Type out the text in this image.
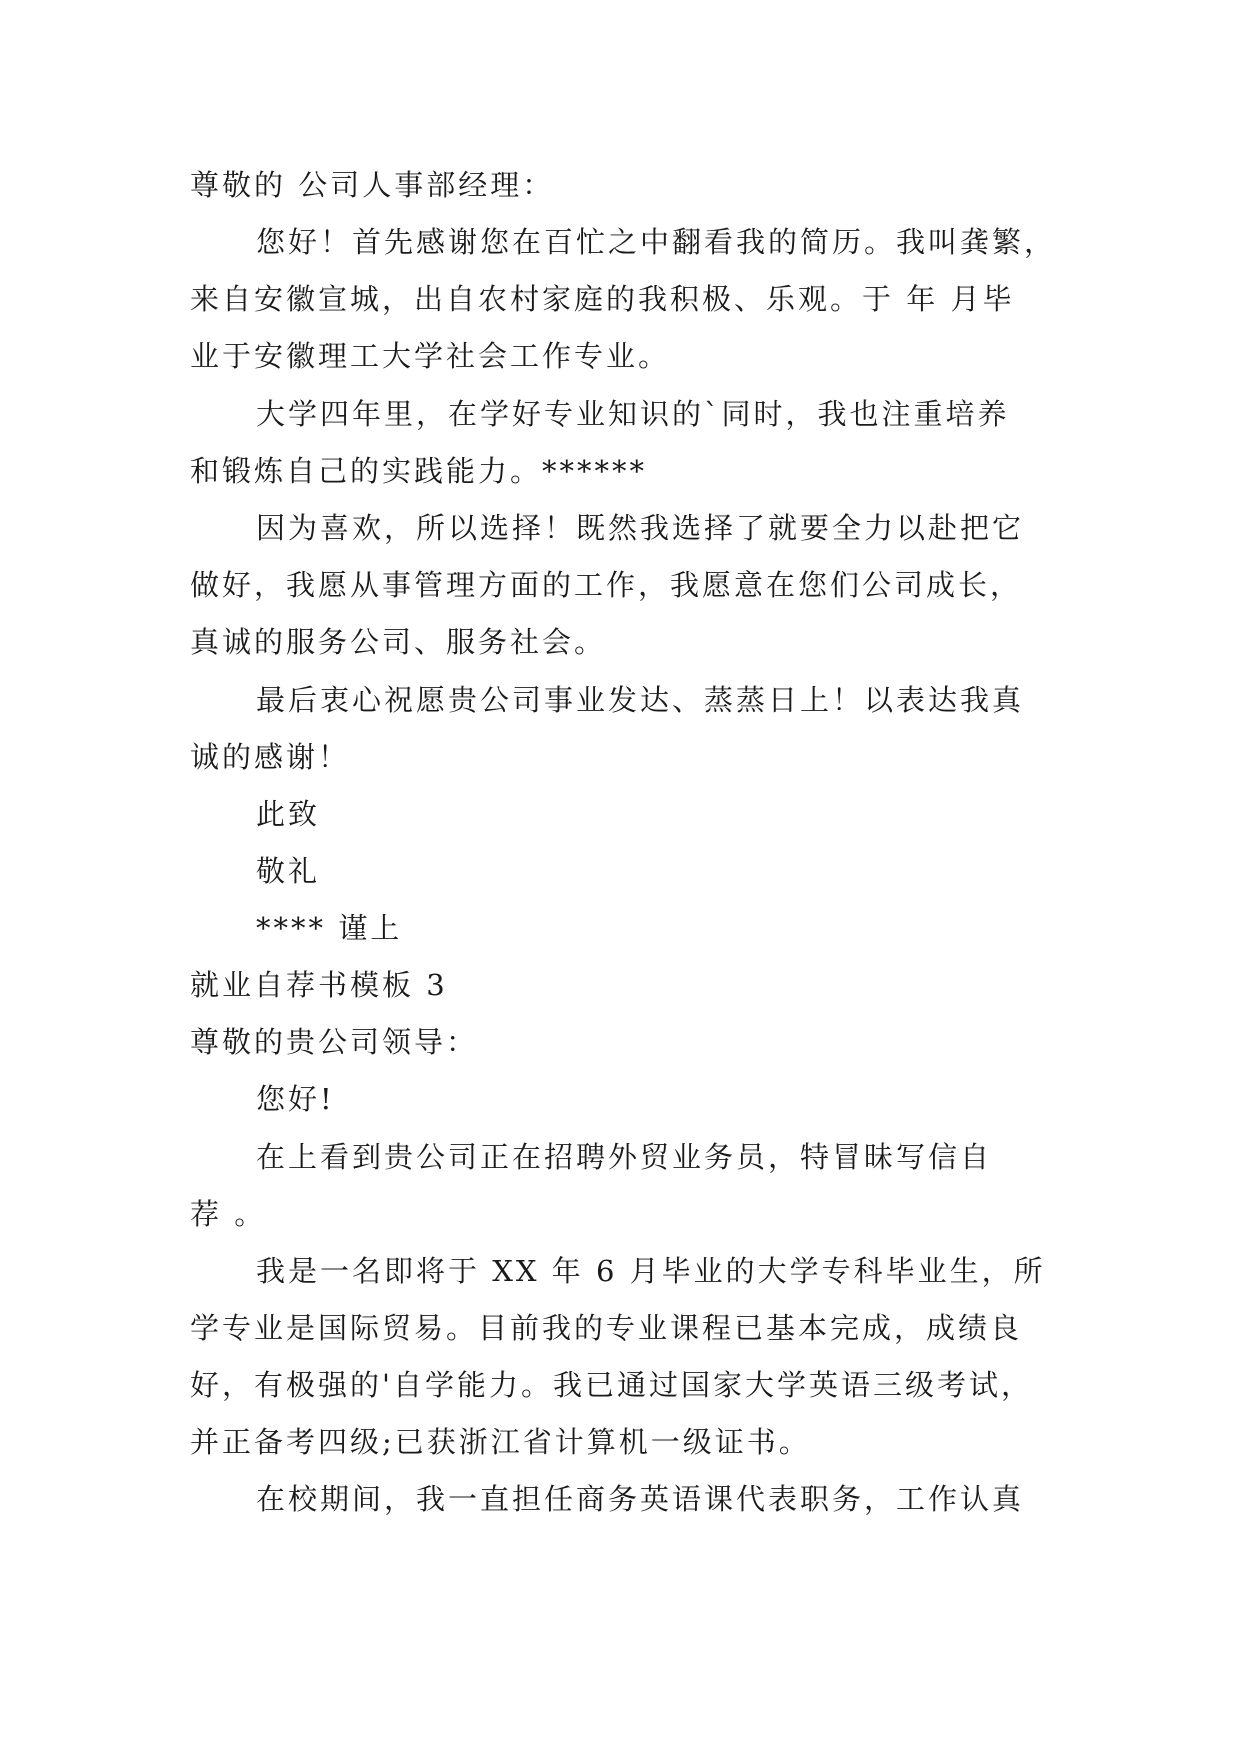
尊敬的 公司人事部经理：
您好！首先感谢您在百忙之中翻看我的简历。我叫龚繁，
来自安徽宣城，出自农村家庭的我积极、乐观。于 年 月毕
业于安徽理工大学社会工作专业。
大学四年里，在学好专业知识的`同时，我也注重培养
和锻炼自己的实践能力。******
因为喜欢，所以选择！既然我选择了就要全力以赴把它
做好，我愿从事管理方面的工作，我愿意在您们公司成长，
真诚的服务公司、服务社会。
最后衷心祝愿贵公司事业发达、蒸蒸日上！以表达我真
诚的感谢！
此致
敬礼
**** 谨上
就业自荐书模板 3
尊敬的贵公司领导：
您好!
在上看到贵公司正在招聘外贸业务员，特冒昧写信自
荐 。
我是一名即将于 XX 年 6 月毕业的大学专科毕业生，所
学专业是国际贸易。目前我的专业课程已基本完成，成绩良
好，有极强的'自学能力。我已通过国家大学英语三级考试，
并正备考四级;已获浙江省计算机一级证书。
在校期间，我一直担任商务英语课代表职务，工作认真
